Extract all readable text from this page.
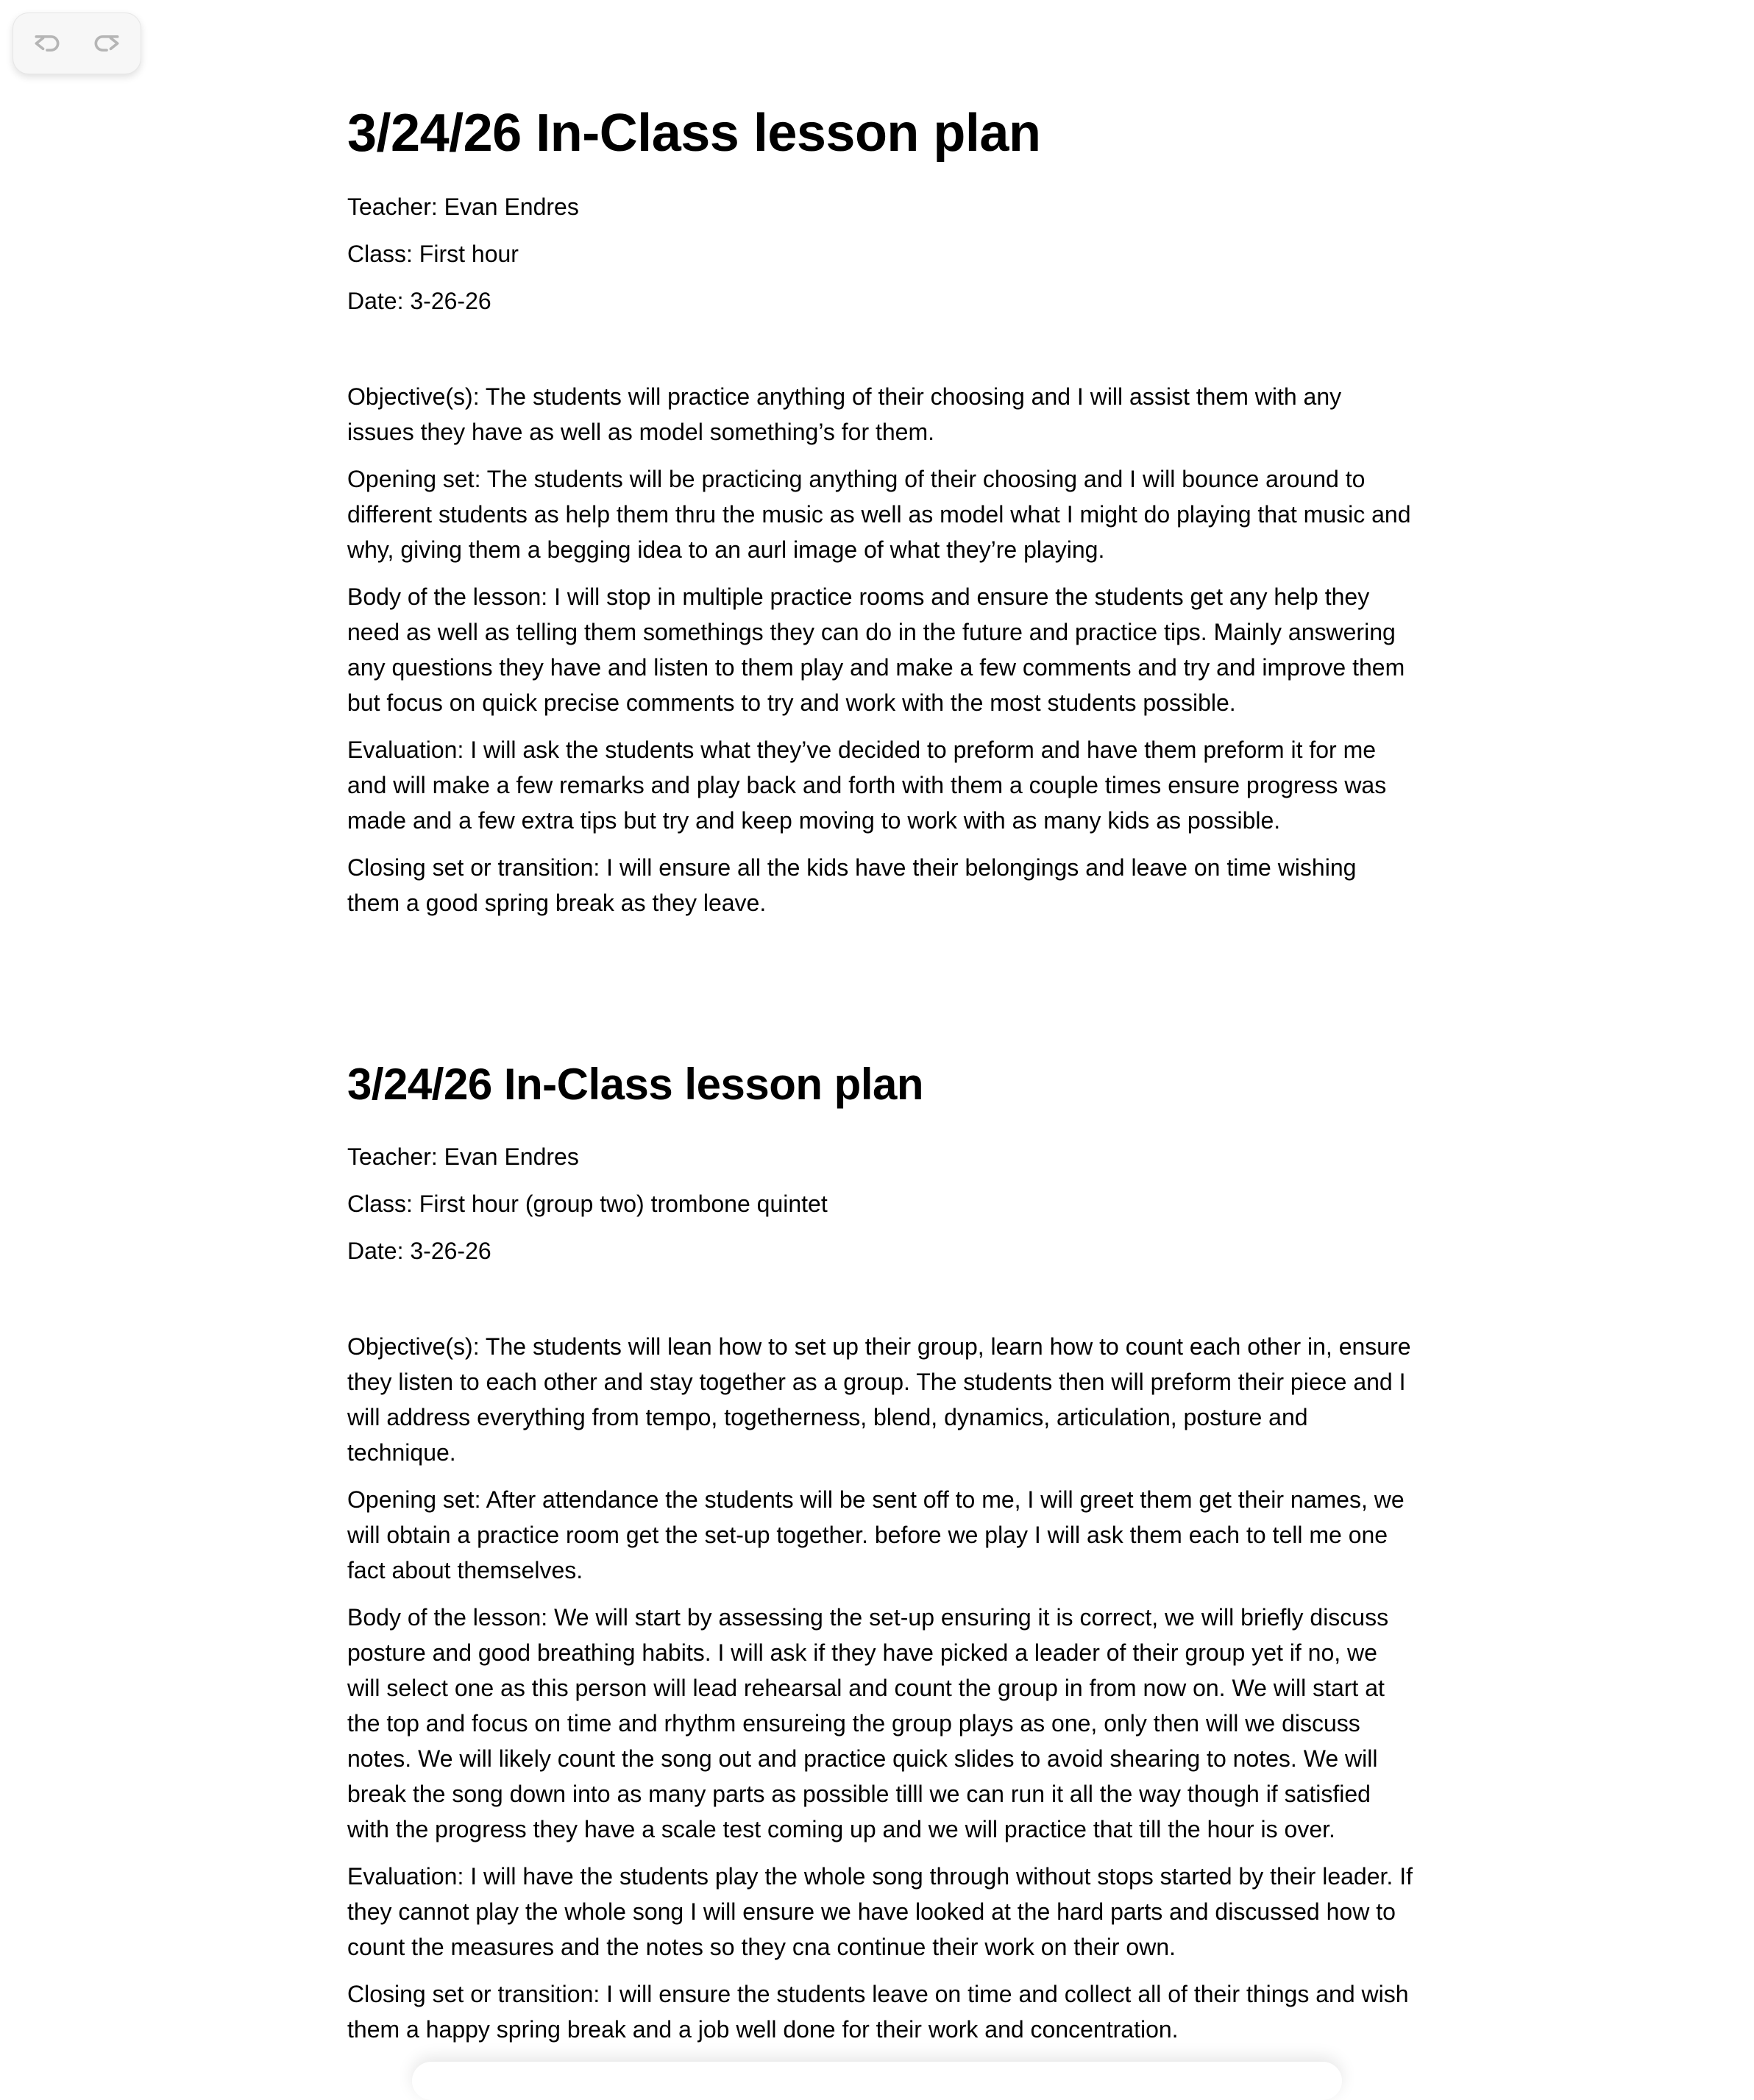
3/24/26 In-Class lesson plan

Teacher: Evan Endres

Class: First hour

Date: 3-26-26

Objective(s): The students will practice anything of their choosing and I will assist them with any issues they have as well as model something’s for them.

Opening set: The students will be practicing anything of their choosing and I will bounce around to different students as help them thru the music as well as model what I might do playing that music and why, giving them a begging idea to an aurl image of what they’re playing.

Body of the lesson: I will stop in multiple practice rooms and ensure the students get any help they need as well as telling them somethings they can do in the future and practice tips. Mainly answering any questions they have and listen to them play and make a few comments and try and improve them but focus on quick precise comments to try and work with the most students possible.

Evaluation: I will ask the students what they’ve decided to preform and have them preform it for me and will make a few remarks and play back and forth with them a couple times ensure progress was made and a few extra tips but try and keep moving to work with as many kids as possible.

Closing set or transition: I will ensure all the kids have their belongings and leave on time wishing them a good spring break as they leave.

3/24/26 In-Class lesson plan

Teacher: Evan Endres

Class: First hour (group two) trombone quintet

Date: 3-26-26

Objective(s): The students will lean how to set up their group, learn how to count each other in, ensure they listen to each other and stay together as a group. The students then will preform their piece and I will address everything from tempo, togetherness, blend, dynamics, articulation, posture and technique.

Opening set: After attendance the students will be sent off to me, I will greet them get their names, we will obtain a practice room get the set-up together. before we play I will ask them each to tell me one fact about themselves.

Body of the lesson: We will start by assessing the set-up ensuring it is correct, we will briefly discuss posture and good breathing habits. I will ask if they have picked a leader of their group yet if no, we will select one as this person will lead rehearsal and count the group in from now on. We will start at the top and focus on time and rhythm ensureing the group plays as one, only then will we discuss notes. We will likely count the song out and practice quick slides to avoid shearing to notes. We will break the song down into as many parts as possible tilll we can run it all the way though if satisfied with the progress they have a scale test coming up and we will practice that till the hour is over.

Evaluation: I will have the students play the whole song through without stops started by their leader. If they cannot play the whole song I will ensure we have looked at the hard parts and discussed how to count the measures and the notes so they cna continue their work on their own.

Closing set or transition: I will ensure the students leave on time and collect all of their things and wish them a happy spring break and a job well done for their work and concentration.
